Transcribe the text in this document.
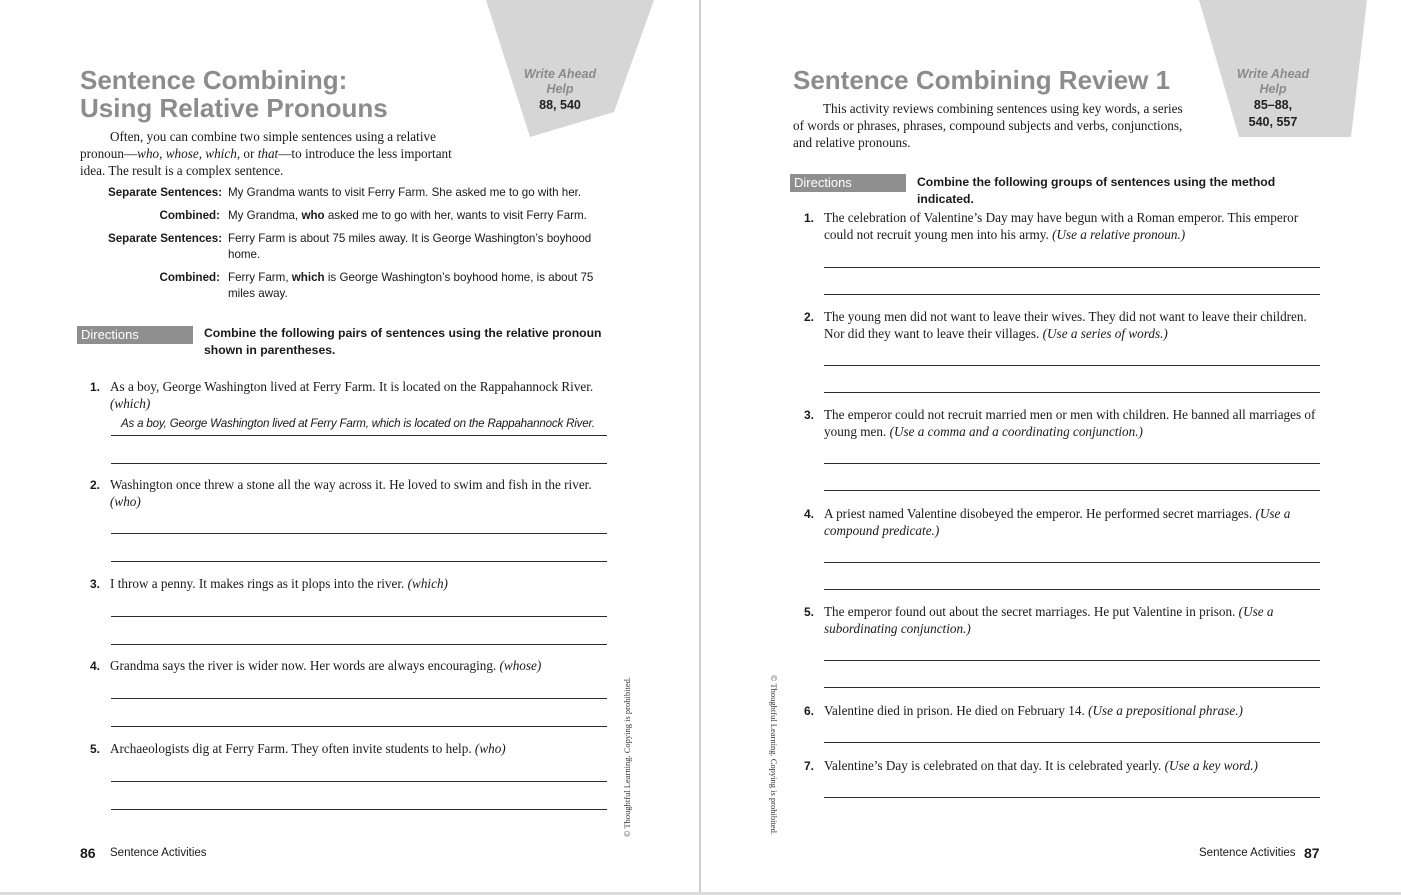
Write Ahead
Help
88, 540
Sentence Combining:
Using Relative Pronouns

Often, you can combine two simple sentences using a relative pronoun—who, whose, which, or that—to introduce the less important idea. The result is a complex sentence.

Separate Sentences: My Grandma wants to visit Ferry Farm. She asked me to go with her.
Combined: My Grandma, who asked me to go with her, wants to visit Ferry Farm.
Separate Sentences: Ferry Farm is about 75 miles away. It is George Washington’s boyhood home.
Combined: Ferry Farm, which is George Washington’s boyhood home, is about 75 miles away.
Directions	Combine the following pairs of sentences using the relative pronoun shown in parentheses.
1. As a boy, George Washington lived at Ferry Farm. It is located on the Rappahannock River. (which)
As a boy, George Washington lived at Ferry Farm, which is located on the Rappahannock River.
2. Washington once threw a stone all the way across it. He loved to swim and fish in the river. (who)
3. I throw a penny. It makes rings as it plops into the river. (which)
4. Grandma says the river is wider now. Her words are always encouraging. (whose)
5. Archaeologists dig at Ferry Farm. They often invite students to help. (who)	© Thoughtful Learning. Copying is prohibited.
86 Sentence Activities
Write Ahead
Help
85–88,
540, 557
Sentence Combining Review 1

This activity reviews combining sentences using key words, a series of words or phrases, phrases, compound subjects and verbs, conjunctions, and relative pronouns.

Directions	Combine the following groups of sentences using the method indicated.
1. The celebration of Valentine’s Day may have begun with a Roman emperor. This emperor could not recruit young men into his army. (Use a relative pronoun.)
2. The young men did not want to leave their wives. They did not want to leave their children. Nor did they want to leave their villages. (Use a series of words.)
3. The emperor could not recruit married men or men with children. He banned all marriages of young men. (Use a comma and a coordinating conjunction.)
4. A priest named Valentine disobeyed the emperor. He performed secret marriages. (Use a compound predicate.)
5. The emperor found out about the secret marriages. He put Valentine in prison. (Use a subordinating conjunction.)
6. Valentine died in prison. He died on February 14. (Use a prepositional phrase.)
7. Valentine’s Day is celebrated on that day. It is celebrated yearly. (Use a key word.)
© Thoughtful Learning. Copying is prohibited.
Sentence Activities 87
